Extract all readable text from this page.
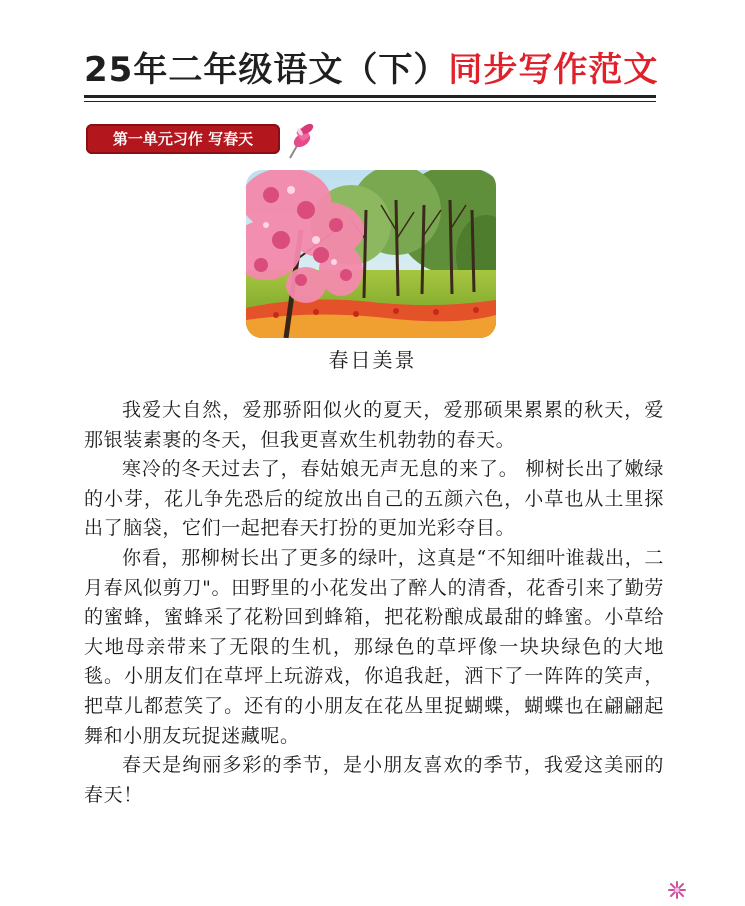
25年二年级语文（下）同步写作范文
第一单元习作 写春天
春日美景

我爱大自然，爱那骄阳似火的夏天，爱那硕果累累的秋天，爱那银装素裹的冬天，但我更喜欢生机勃勃的春天。

寒冷的冬天过去了，春姑娘无声无息的来了。 柳树长出了嫩绿的小芽，花儿争先恐后的绽放出自己的五颜六色，小草也从土里探出了脑袋，它们一起把春天打扮的更加光彩夺目。

你看，那柳树长出了更多的绿叶，这真是“不知细叶谁裁出，二月春风似剪刀"。田野里的小花发出了醉人的清香，花香引来了勤劳的蜜蜂，蜜蜂采了花粉回到蜂箱，把花粉酿成最甜的蜂蜜。小草给大地母亲带来了无限的生机，那绿色的草坪像一块块绿色的大地毯。小朋友们在草坪上玩游戏，你追我赶，洒下了一阵阵的笑声，把草儿都惹笑了。还有的小朋友在花丛里捉蝴蝶，蝴蝶也在翩翩起舞和小朋友玩捉迷藏呢。

春天是绚丽多彩的季节，是小朋友喜欢的季节，我爱这美丽的春天！
